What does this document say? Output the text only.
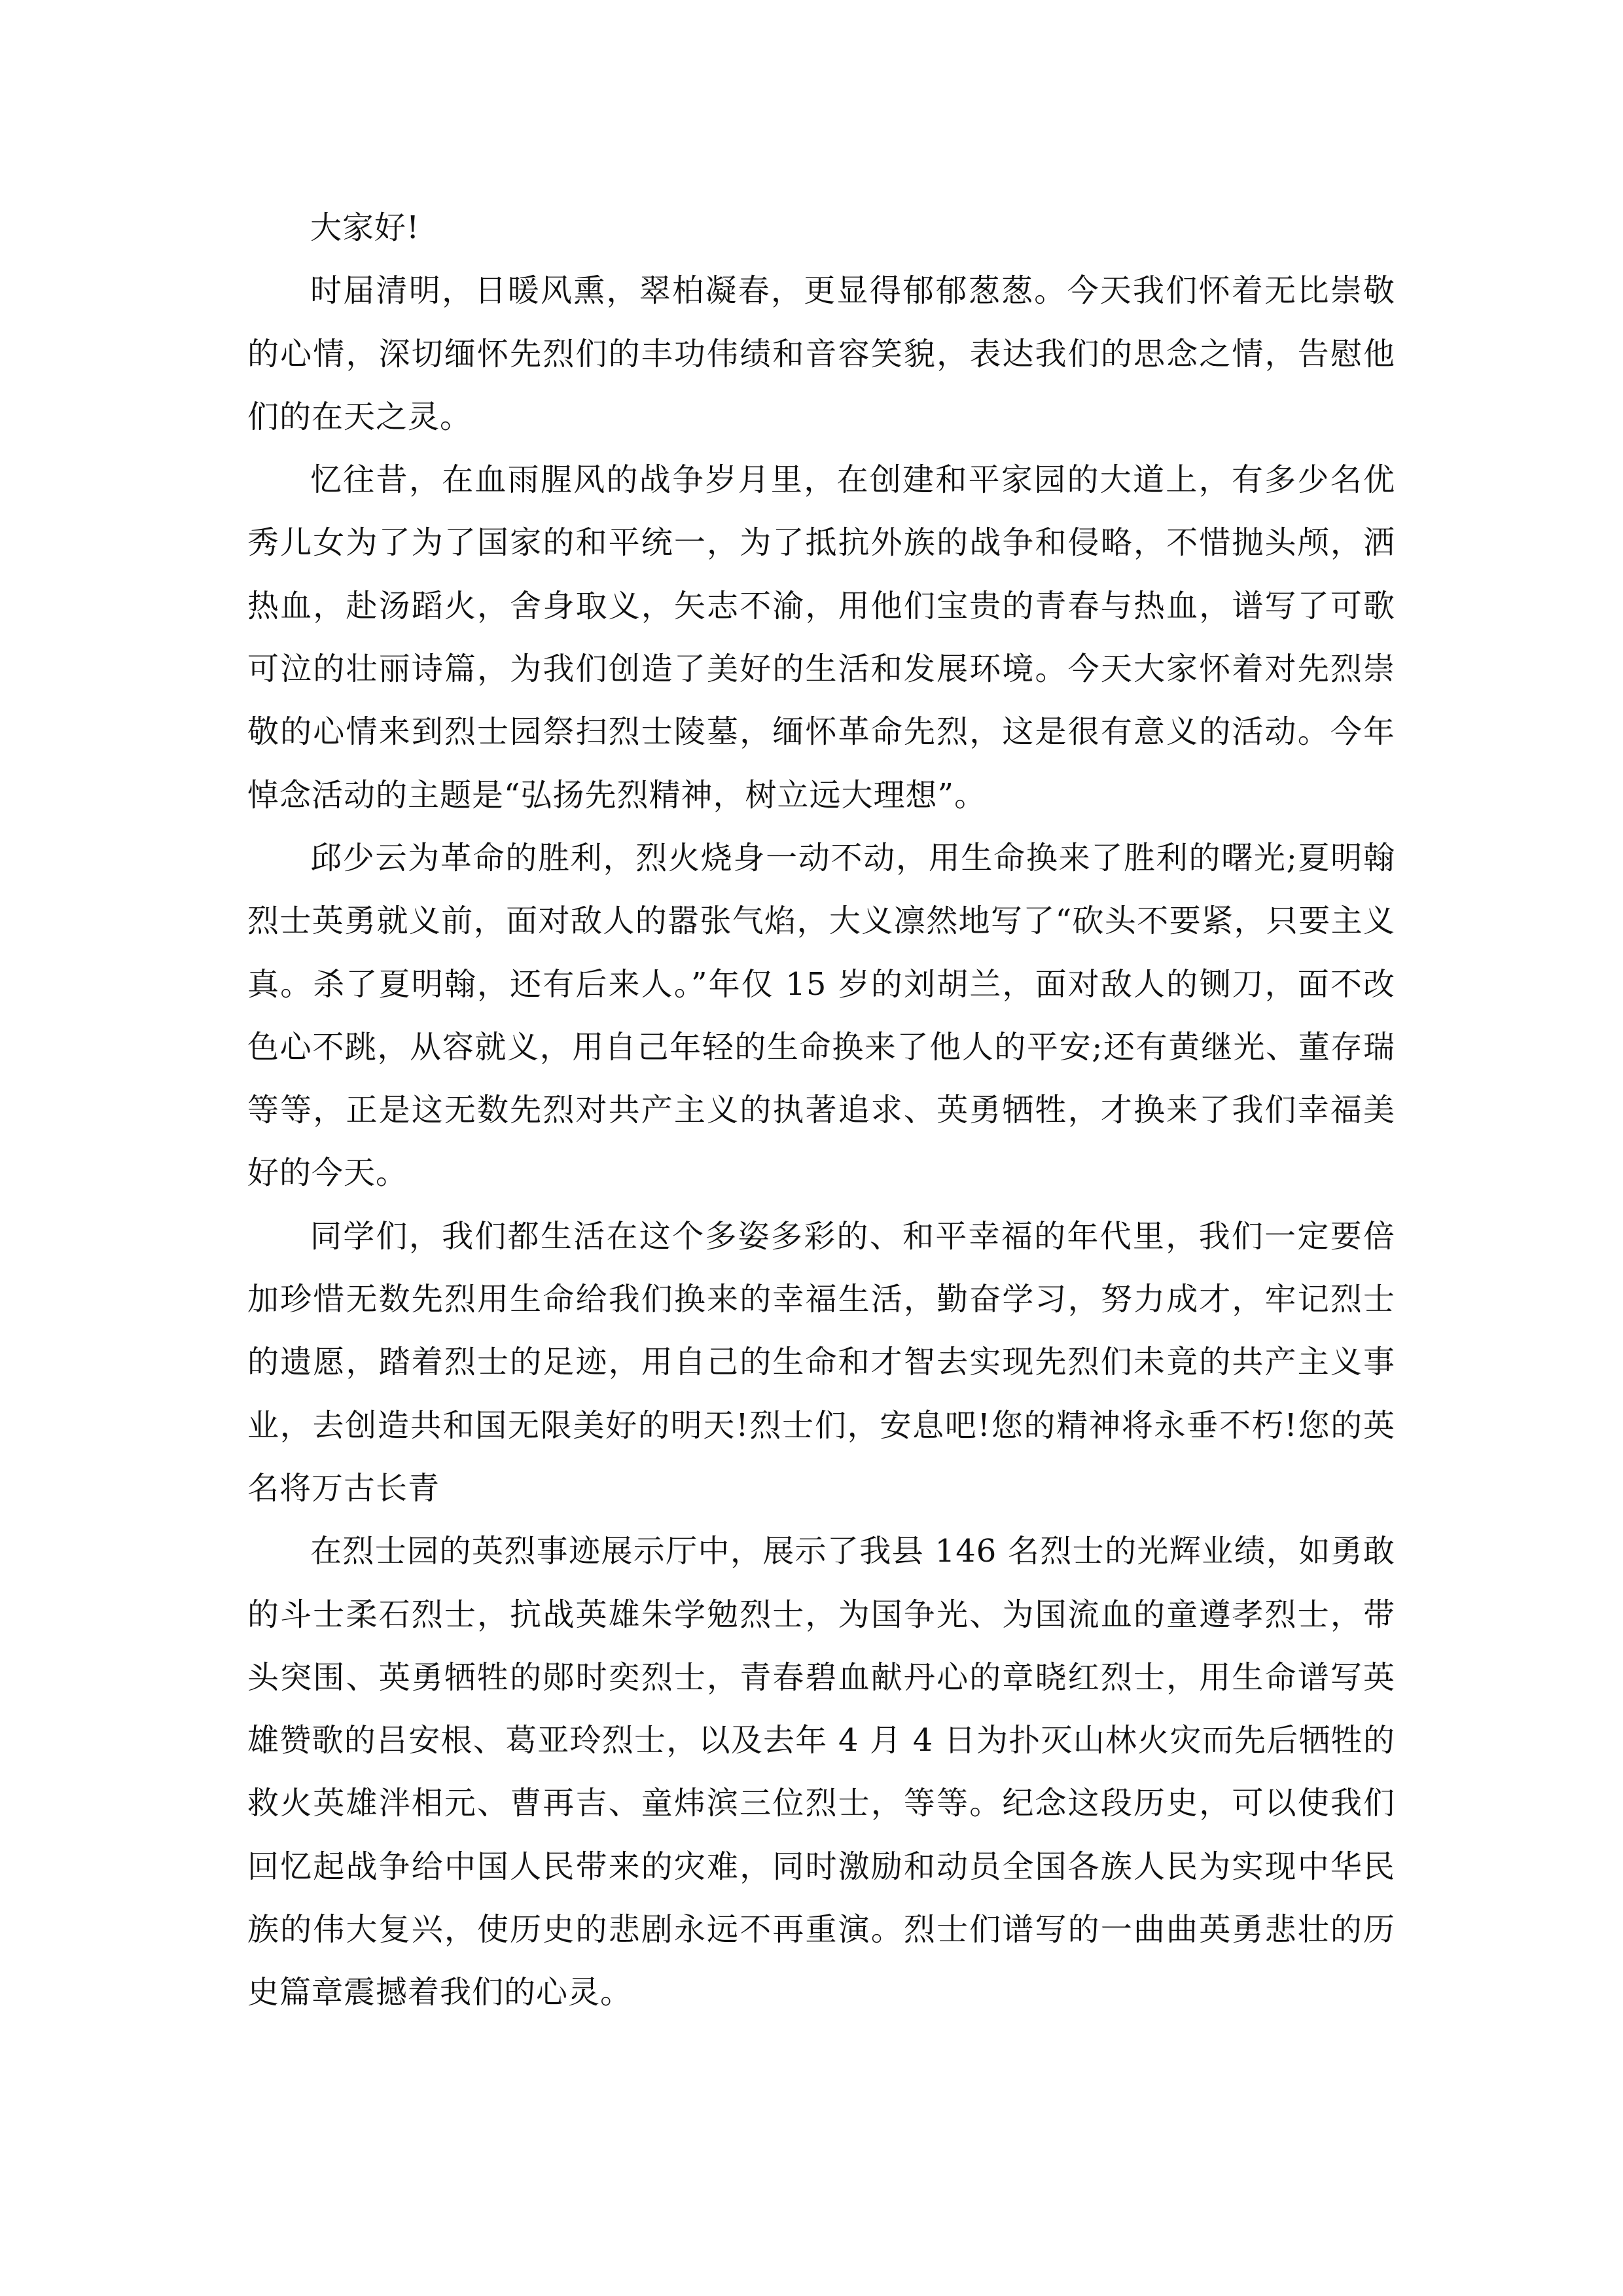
大家好!

时届清明，日暖风熏，翠柏凝春，更显得郁郁葱葱。今天我们怀着无比崇敬的心情，深切缅怀先烈们的丰功伟绩和音容笑貌，表达我们的思念之情，告慰他们的在天之灵。

忆往昔，在血雨腥风的战争岁月里，在创建和平家园的大道上，有多少名优秀儿女为了为了国家的和平统一，为了抵抗外族的战争和侵略，不惜抛头颅，洒热血，赴汤蹈火，舍身取义，矢志不渝，用他们宝贵的青春与热血，谱写了可歌可泣的壮丽诗篇，为我们创造了美好的生活和发展环境。今天大家怀着对先烈崇敬的心情来到烈士园祭扫烈士陵墓，缅怀革命先烈，这是很有意义的活动。今年悼念活动的主题是“弘扬先烈精神，树立远大理想”。

邱少云为革命的胜利，烈火烧身一动不动，用生命换来了胜利的曙光;夏明翰烈士英勇就义前，面对敌人的嚣张气焰，大义凛然地写了“砍头不要紧，只要主义真。杀了夏明翰，还有后来人。”年仅 15 岁的刘胡兰，面对敌人的铡刀，面不改色心不跳，从容就义，用自己年轻的生命换来了他人的平安;还有黄继光、董存瑞等等，正是这无数先烈对共产主义的执著追求、英勇牺牲，才换来了我们幸福美好的今天。

同学们，我们都生活在这个多姿多彩的、和平幸福的年代里，我们一定要倍加珍惜无数先烈用生命给我们换来的幸福生活，勤奋学习，努力成才，牢记烈士的遗愿，踏着烈士的足迹，用自己的生命和才智去实现先烈们未竟的共产主义事业，去创造共和国无限美好的明天!烈士们，安息吧!您的精神将永垂不朽!您的英名将万古长青

在烈士园的英烈事迹展示厅中，展示了我县 146 名烈士的光辉业绩，如勇敢的斗士柔石烈士，抗战英雄朱学勉烈士，为国争光、为国流血的童遵孝烈士，带头突围、英勇牺牲的郧时奕烈士，青春碧血献丹心的章晓红烈士，用生命谱写英雄赞歌的吕安根、葛亚玲烈士，以及去年 4 月 4 日为扑灭山林火灾而先后牺牲的救火英雄泮相元、曹再吉、童炜滨三位烈士，等等。纪念这段历史，可以使我们回忆起战争给中国人民带来的灾难，同时激励和动员全国各族人民为实现中华民族的伟大复兴，使历史的悲剧永远不再重演。烈士们谱写的一曲曲英勇悲壮的历史篇章震撼着我们的心灵。
